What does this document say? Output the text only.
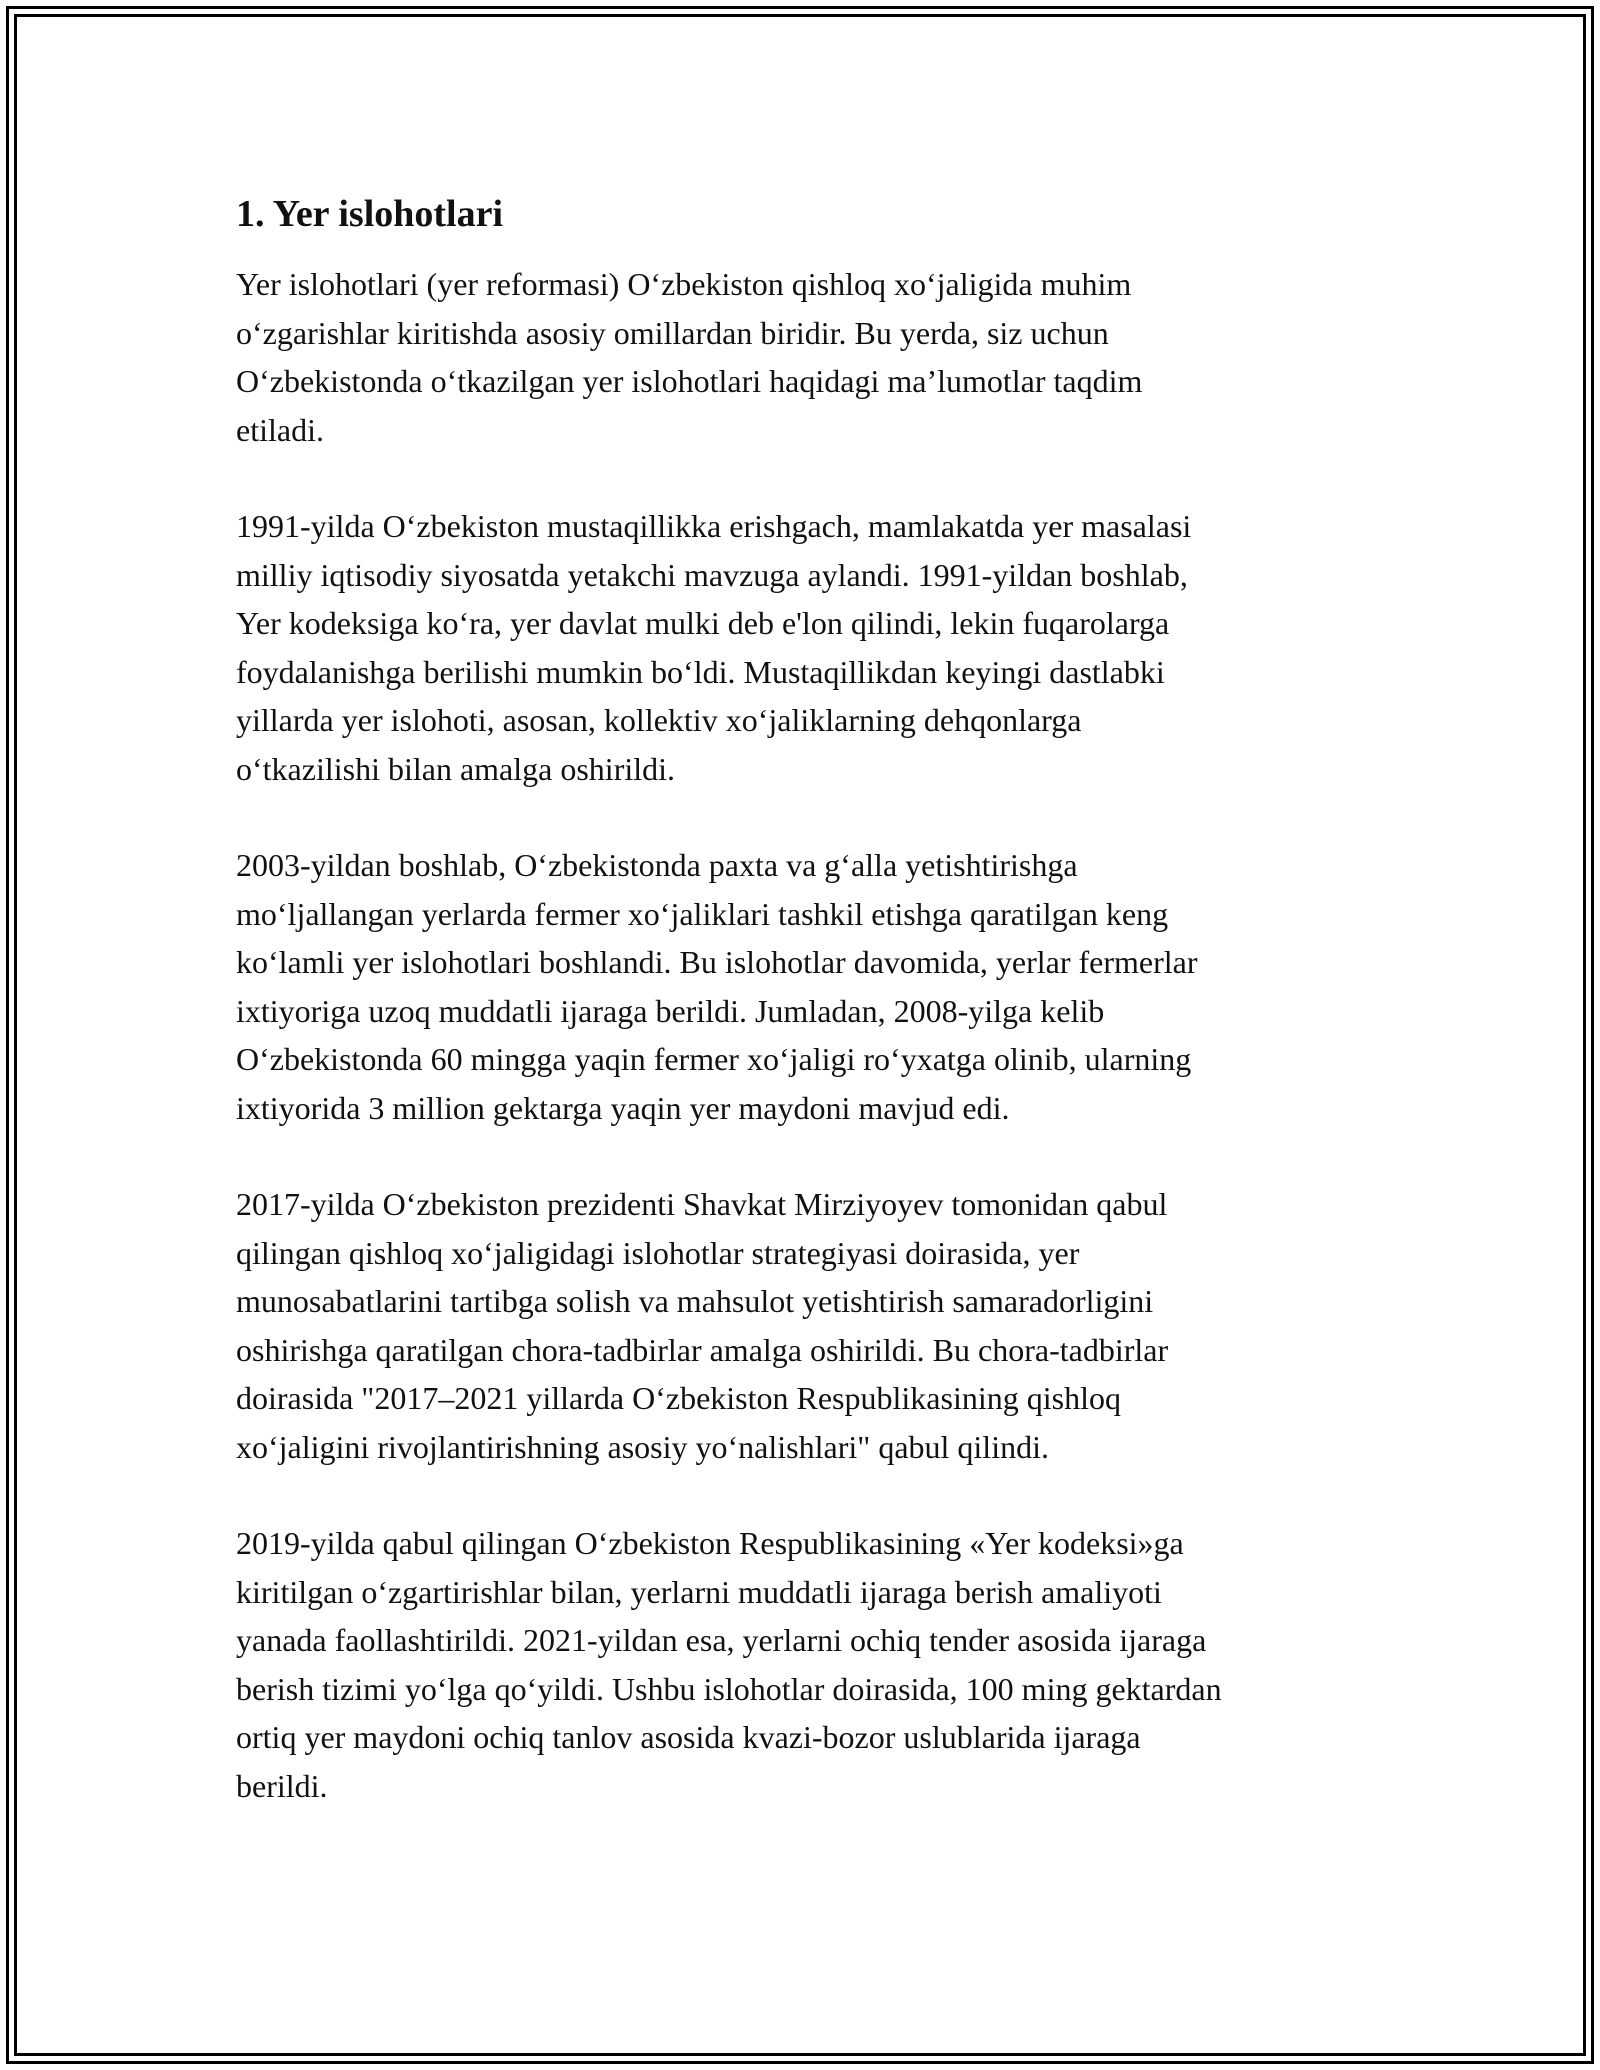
1. Yer islohotlari

Yer islohotlari (yer reformasi) O‘zbekiston qishloq xo‘jaligida muhim
o‘zgarishlar kiritishda asosiy omillardan biridir. Bu yerda, siz uchun
O‘zbekistonda o‘tkazilgan yer islohotlari haqidagi ma’lumotlar taqdim
etiladi.

1991-yilda O‘zbekiston mustaqillikka erishgach, mamlakatda yer masalasi
milliy iqtisodiy siyosatda yetakchi mavzuga aylandi. 1991-yildan boshlab,
Yer kodeksiga ko‘ra, yer davlat mulki deb e'lon qilindi, lekin fuqarolarga
foydalanishga berilishi mumkin bo‘ldi. Mustaqillikdan keyingi dastlabki
yillarda yer islohoti, asosan, kollektiv xo‘jaliklarning dehqonlarga
o‘tkazilishi bilan amalga oshirildi.

2003-yildan boshlab, O‘zbekistonda paxta va g‘alla yetishtirishga
mo‘ljallangan yerlarda fermer xo‘jaliklari tashkil etishga qaratilgan keng
ko‘lamli yer islohotlari boshlandi. Bu islohotlar davomida, yerlar fermerlar
ixtiyoriga uzoq muddatli ijaraga berildi. Jumladan, 2008-yilga kelib
O‘zbekistonda 60 mingga yaqin fermer xo‘jaligi ro‘yxatga olinib, ularning
ixtiyorida 3 million gektarga yaqin yer maydoni mavjud edi.

2017-yilda O‘zbekiston prezidenti Shavkat Mirziyoyev tomonidan qabul
qilingan qishloq xo‘jaligidagi islohotlar strategiyasi doirasida, yer
munosabatlarini tartibga solish va mahsulot yetishtirish samaradorligini
oshirishga qaratilgan chora-tadbirlar amalga oshirildi. Bu chora-tadbirlar
doirasida "2017–2021 yillarda O‘zbekiston Respublikasining qishloq
xo‘jaligini rivojlantirishning asosiy yo‘nalishlari" qabul qilindi.

2019-yilda qabul qilingan O‘zbekiston Respublikasining «Yer kodeksi»ga
kiritilgan o‘zgartirishlar bilan, yerlarni muddatli ijaraga berish amaliyoti
yanada faollashtirildi. 2021-yildan esa, yerlarni ochiq tender asosida ijaraga
berish tizimi yo‘lga qo‘yildi. Ushbu islohotlar doirasida, 100 ming gektardan
ortiq yer maydoni ochiq tanlov asosida kvazi-bozor uslublarida ijaraga
berildi.
